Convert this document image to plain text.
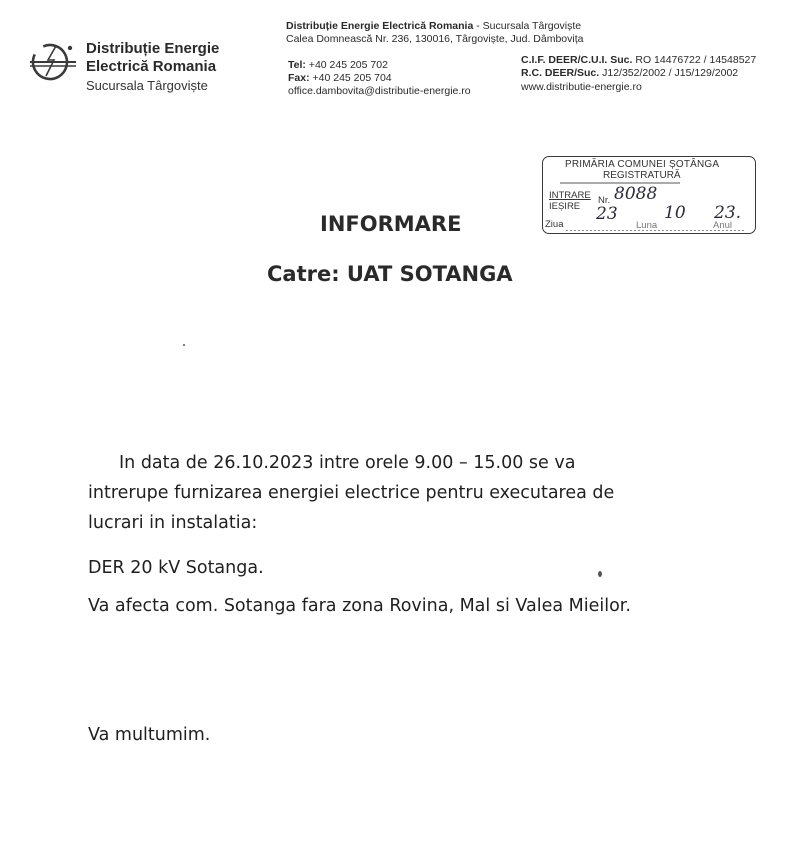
Distribuție Energie
Electrică Romania
Sucursala Târgoviște
Distribuție Energie Electrică Romania - Sucursala Târgoviște
Calea Domnească Nr. 236, 130016, Târgoviște, Jud. Dâmbovița
Tel: +40 245 205 702
Fax: +40 245 205 704
office.dambovita@distributie-energie.ro
C.I.F. DEER/C.U.I. Suc. RO 14476722 / 14548527
R.C. DEER/Suc. J12/352/2002 / J15/129/2002
www.distributie-energie.ro
PRIMĂRIA COMUNEI ȘOTÂNGA
REGISTRATURĂ
INTRARE
IEȘIRE
Nr. 8088
Ziua
23
Luna
10
Anul
23.
INFORMARE
Catre: UAT SOTANGA
In data de 26.10.2023 intre orele 9.00 – 15.00 se va
intrerupe furnizarea energiei electrice pentru executarea de
lucrari in instalatia:
DER 20 kV Sotanga.
Va afecta com. Sotanga fara zona Rovina, Mal si Valea Mieilor.
Va multumim.
